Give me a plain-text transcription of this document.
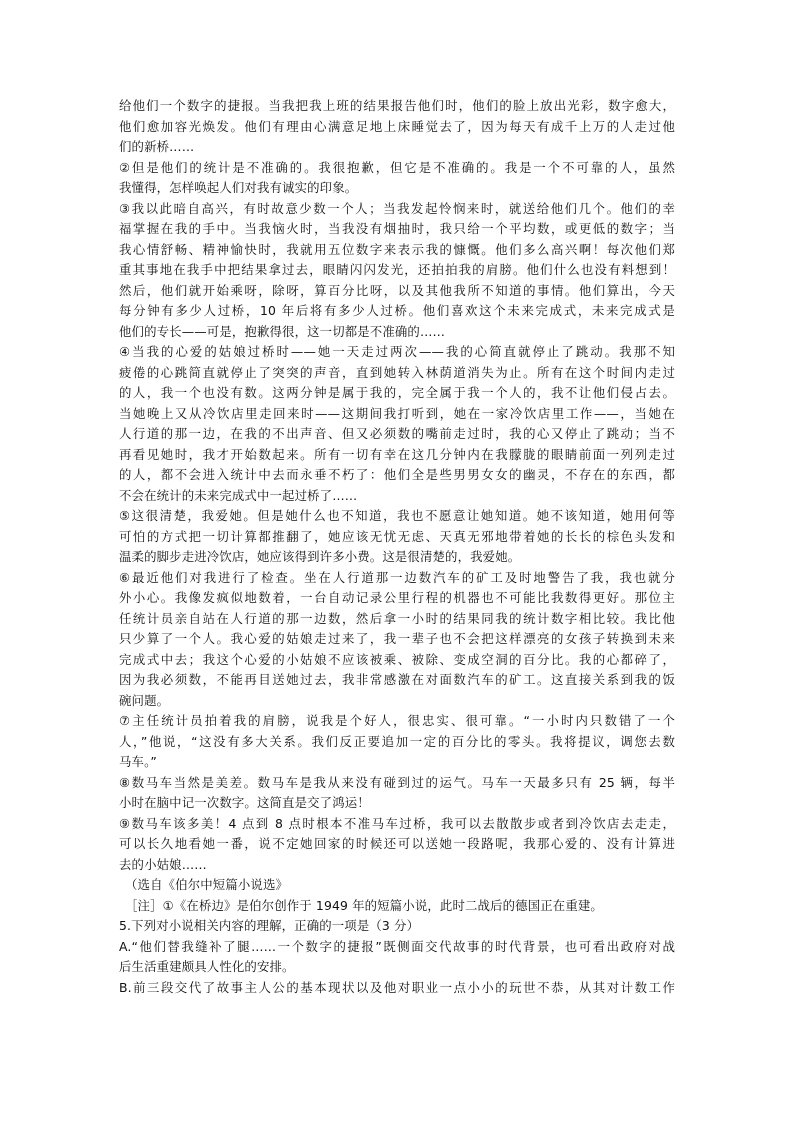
给他们一个数字的捷报。当我把我上班的结果报告他们时，他们的脸上放出光彩，数字愈大，
他们愈加容光焕发。他们有理由心满意足地上床睡觉去了，因为每天有成千上万的人走过他
们的新桥……
②但是他们的统计是不准确的。我很抱歉，但它是不准确的。我是一个不可靠的人，虽然
我懂得，怎样唤起人们对我有诚实的印象。
③我以此暗自高兴，有时故意少数一个人；当我发起怜悯来时，就送给他们几个。他们的幸
福掌握在我的手中。当我恼火时，当我没有烟抽时，我只给一个平均数，或更低的数字；当
我心情舒畅、精神愉快时，我就用五位数字来表示我的慷慨。他们多么高兴啊！每次他们郑
重其事地在我手中把结果拿过去，眼睛闪闪发光，还拍拍我的肩膀。他们什么也没有料想到！
然后，他们就开始乘呀，除呀，算百分比呀，以及其他我所不知道的事情。他们算出，今天
每分钟有多少人过桥，10 年后将有多少人过桥。他们喜欢这个未来完成式，未来完成式是
他们的专长——可是，抱歉得很，这一切都是不准确的……
④当我的心爱的姑娘过桥时——她一天走过两次——我的心简直就停止了跳动。我那不知
疲倦的心跳简直就停止了突突的声音，直到她转入林荫道消失为止。所有在这个时间内走过
的人，我一个也没有数。这两分钟是属于我的，完全属于我一个人的，我不让他们侵占去。
当她晚上又从冷饮店里走回来时——这期间我打听到，她在一家冷饮店里工作——，当她在
人行道的那一边，在我的不出声音、但又必须数的嘴前走过时，我的心又停止了跳动；当不
再看见她时，我才开始数起来。所有一切有幸在这几分钟内在我朦胧的眼睛前面一列列走过
的人，都不会进入统计中去而永垂不朽了：他们全是些男男女女的幽灵，不存在的东西，都
不会在统计的未来完成式中一起过桥了……
⑤这很清楚，我爱她。但是她什么也不知道，我也不愿意让她知道。她不该知道，她用何等
可怕的方式把一切计算都推翻了，她应该无忧无虑、天真无邪地带着她的长长的棕色头发和
温柔的脚步走进冷饮店，她应该得到许多小费。这是很清楚的，我爱她。
⑥最近他们对我进行了检查。坐在人行道那一边数汽车的矿工及时地警告了我，我也就分
外小心。我像发疯似地数着，一台自动记录公里行程的机器也不可能比我数得更好。那位主
任统计员亲自站在人行道的那一边数，然后拿一小时的结果同我的统计数字相比较。我比他
只少算了一个人。我心爱的姑娘走过来了，我一辈子也不会把这样漂亮的女孩子转换到未来
完成式中去；我这个心爱的小姑娘不应该被乘、被除、变成空洞的百分比。我的心都碎了，
因为我必须数，不能再目送她过去，我非常感激在对面数汽车的矿工。这直接关系到我的饭
碗问题。
⑦主任统计员拍着我的肩膀，说我是个好人，很忠实、很可靠。“一小时内只数错了一个
人，”他说，“这没有多大关系。我们反正要追加一定的百分比的零头。我将提议，调您去数
马车。”
⑧数马车当然是美差。数马车是我从来没有碰到过的运气。马车一天最多只有 25 辆，每半
小时在脑中记一次数字。这简直是交了鸿运！
⑨数马车该多美！4 点到 8 点时根本不准马车过桥，我可以去散散步或者到冷饮店去走走，
可以长久地看她一番，说不定她回家的时候还可以送她一段路呢，我那心爱的、没有计算进
去的小姑娘……
（选自《伯尔中短篇小说选》
［注］①《在桥边》是伯尔创作于 1949 年的短篇小说，此时二战后的德国正在重建。
5.下列对小说相关内容的理解，正确的一项是（3 分）
A.“他们替我缝补了腿……一个数字的捷报”既侧面交代故事的时代背景，也可看出政府对战
后生活重建颇具人性化的安排。
B.前三段交代了故事主人公的基本现状以及他对职业一点小小的玩世不恭，从其对计数工作
